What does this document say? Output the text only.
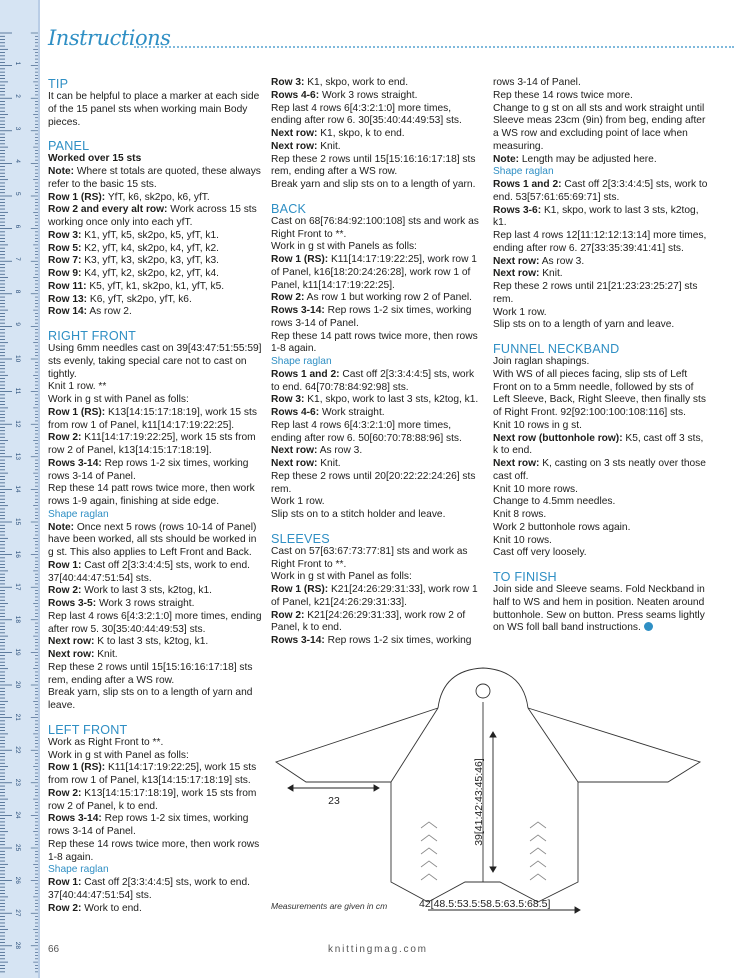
1
2
3
4
5
6
7
8
9
10
11
12
13
14
15
16
17
18
19
20
21
22
23
24
25
26
27
28
Instructions
TIP

It can be helpful to place a marker at each side of the 15 panel sts when working main Body pieces.

PANEL

Worked over 15 sts

Note: Where st totals are quoted, these always refer to the basic 15 sts.

Row 1 (RS): YfT, k6, sk2po, k6, yfT.

Row 2 and every alt row: Work across 15 sts working once only into each yfT.

Row 3: K1, yfT, k5, sk2po, k5, yfT, k1.

Row 5: K2, yfT, k4, sk2po, k4, yfT, k2.

Row 7: K3, yfT, k3, sk2po, k3, yfT, k3.

Row 9: K4, yfT, k2, sk2po, k2, yfT, k4.

Row 11: K5, yfT, k1, sk2po, k1, yfT, k5.

Row 13: K6, yfT, sk2po, yfT, k6.

Row 14: As row 2.

RIGHT FRONT

Using 6mm needles cast on 39[43:47:51:55:59] sts evenly, taking special care not to cast on tightly.

Knit 1 row. **

Work in g st with Panel as folls:

Row 1 (RS): K13[14:15:17:18:19], work 15 sts from row 1 of Panel, k11[14:17:19:22:25].

Row 2: K11[14:17:19:22:25], work 15 sts from row 2 of Panel, k13[14:15:17:18:19].

Rows 3-14: Rep rows 1-2 six times, working rows 3-14 of Panel.

Rep these 14 patt rows twice more, then work rows 1-9 again, finishing at side edge.

Shape raglan

Note: Once next 5 rows (rows 10-14 of Panel) have been worked, all sts should be worked in g st. This also applies to Left Front and Back.

Row 1: Cast off 2[3:3:4:4:5] sts, work to end. 37[40:44:47:51:54] sts.

Row 2: Work to last 3 sts, k2tog, k1.

Rows 3-5: Work 3 rows straight.

Rep last 4 rows 6[4:3:2:1:0] more times, ending after row 5. 30[35:40:44:49:53] sts.

Next row: K to last 3 sts, k2tog, k1.

Next row: Knit.

Rep these 2 rows until 15[15:16:16:17:18] sts rem, ending after a WS row.

Break yarn, slip sts on to a length of yarn and leave.

LEFT FRONT

Work as Right Front to **.

Work in g st with Panel as folls:

Row 1 (RS): K11[14:17:19:22:25], work 15 sts from row 1 of Panel, k13[14:15:17:18:19] sts.

Row 2: K13[14:15:17:18:19], work 15 sts from row 2 of Panel, k to end.

Rows 3-14: Rep rows 1-2 six times, working rows 3-14 of Panel.

Rep these 14 rows twice more, then work rows 1-8 again.

Shape raglan

Row 1: Cast off 2[3:3:4:4:5] sts, work to end. 37[40:44:47:51:54] sts.

Row 2: Work to end.

Row 3: K1, skpo, work to end.

Rows 4-6: Work 3 rows straight.

Rep last 4 rows 6[4:3:2:1:0] more times, ending after row 6. 30[35:40:44:49:53] sts.

Next row: K1, skpo, k to end.

Next row: Knit.

Rep these 2 rows until 15[15:16:16:17:18] sts rem, ending after a WS row.

Break yarn and slip sts on to a length of yarn.

BACK

Cast on 68[76:84:92:100:108] sts and work as Right Front to **.

Work in g st with Panels as folls:

Row 1 (RS): K11[14:17:19:22:25], work row 1 of Panel, k16[18:20:24:26:28], work row 1 of Panel, k11[14:17:19:22:25].

Row 2: As row 1 but working row 2 of Panel.

Rows 3-14: Rep rows 1-2 six times, working rows 3-14 of Panel.

Rep these 14 patt rows twice more, then rows 1-8 again.

Shape raglan

Rows 1 and 2: Cast off 2[3:3:4:4:5] sts, work to end. 64[70:78:84:92:98] sts.

Row 3: K1, skpo, work to last 3 sts, k2tog, k1.

Rows 4-6: Work straight.

Rep last 4 rows 6[4:3:2:1:0] more times, ending after row 6. 50[60:70:78:88:96] sts.

Next row: As row 3.

Next row: Knit.

Rep these 2 rows until 20[20:22:22:24:26] sts rem.

Work 1 row.

Slip sts on to a stitch holder and leave.

SLEEVES

Cast on 57[63:67:73:77:81] sts and work as Right Front to **.

Work in g st with Panel as folls:

Row 1 (RS): K21[24:26:29:31:33], work row 1 of Panel, k21[24:26:29:31:33].

Row 2: K21[24:26:29:31:33], work row 2 of Panel, k to end.

Rows 3-14: Rep rows 1-2 six times, working

rows 3-14 of Panel.

Rep these 14 rows twice more.

Change to g st on all sts and work straight until Sleeve meas 23cm (9in) from beg, ending after a WS row and excluding point of lace when measuring.

Note: Length may be adjusted here.

Shape raglan

Rows 1 and 2: Cast off 2[3:3:4:4:5] sts, work to end. 53[57:61:65:69:71] sts.

Rows 3-6: K1, skpo, work to last 3 sts, k2tog, k1.

Rep last 4 rows 12[11:12:12:13:14] more times, ending after row 6. 27[33:35:39:41:41] sts.

Next row: As row 3.

Next row: Knit.

Rep these 2 rows until 21[21:23:23:25:27] sts rem.

Work 1 row.

Slip sts on to a length of yarn and leave.

FUNNEL NECKBAND

Join raglan shapings.

With WS of all pieces facing, slip sts of Left Front on to a 5mm needle, followed by sts of Left Sleeve, Back, Right Sleeve, then finally sts of Right Front. 92[92:100:100:108:116] sts.

Knit 10 rows in g st.

Next row (buttonhole row): K5, cast off 3 sts, k to end.

Next row: K, casting on 3 sts neatly over those cast off.

Knit 10 more rows.

Change to 4.5mm needles.

Knit 8 rows.

Work 2 buttonhole rows again.

Knit 10 rows.

Cast off very loosely.

TO FINISH

Join side and Sleeve seams. Fold Neckband in half to WS and hem in position. Neaten around buttonhole. Sew on button. Press seams lightly on WS foll ball band instructions.

23	39[41:42:43:45:46]
42[48.5:53.5:58.5:63.5:68.5]
Measurements are given in cm
66	knittingmag.com
